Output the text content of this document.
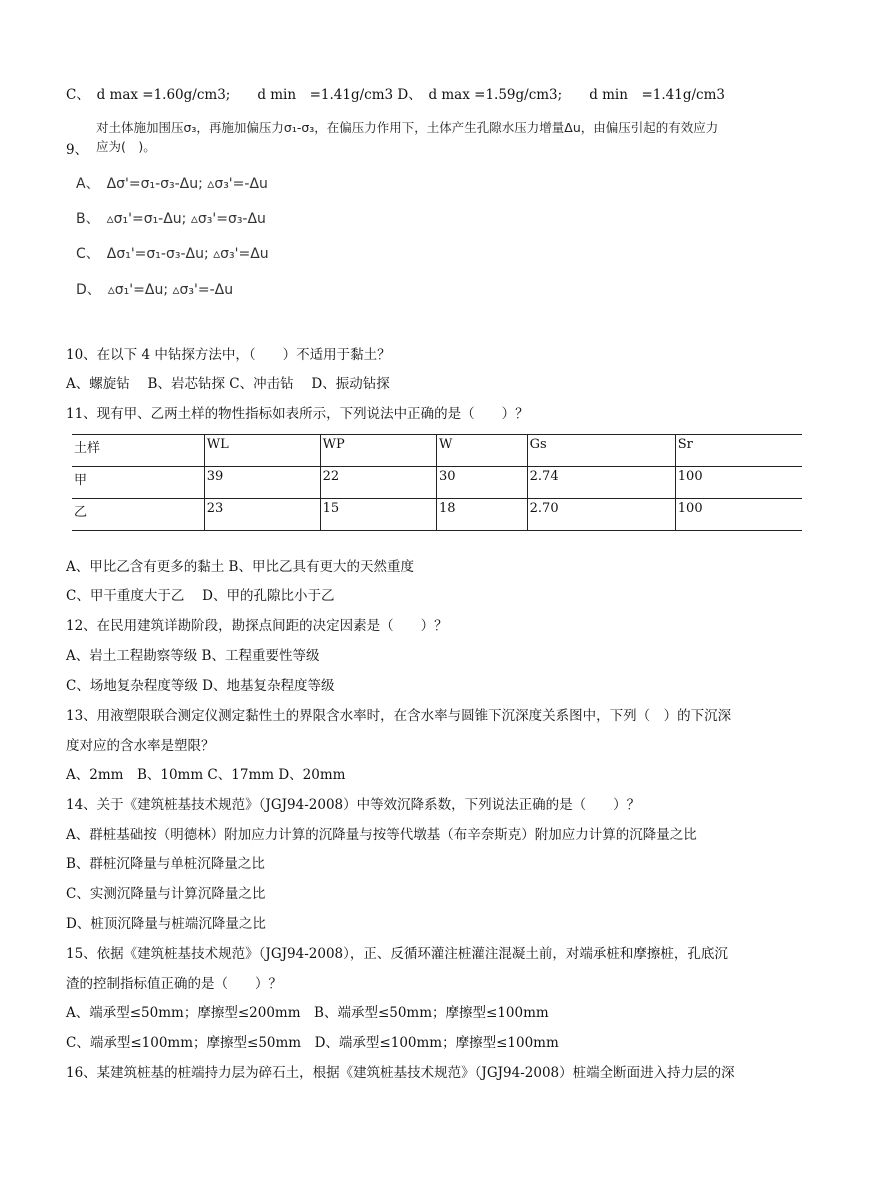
C、　d max =1.60g/cm3;　　d min　=1.41g/cm3 D、　d max =1.59g/cm3;　　d min　=1.41g/cm3
对土体施加围压σ₃，再施加偏压力σ₁-σ₃，在偏压力作用下，土体产生孔隙水压力增量Δu，由偏压引起的有效应力
9、 应为(　)。
A、　Δσ'=σ₁-σ₃-Δu; ▵σ₃'=-Δu
B、　▵σ₁'=σ₁-Δu; ▵σ₃'=σ₃-Δu
C、　Δσ₁'=σ₁-σ₃-Δu; ▵σ₃'=Δu
D、　▵σ₁'=Δu; ▵σ₃'=-Δu
10、在以下 4 中钻探方法中，（　　）不适用于黏土？
A、螺旋钻　 B、岩芯钻探 C、冲击钻　 D、振动钻探
11、现有甲、乙两土样的物性指标如表所示，下列说法中正确的是（　　）？
土样	WL	WP	W	Gs	Sr
甲	39	22	30	2.74	100
乙	23	15	18	2.70	100
A、甲比乙含有更多的黏土 B、甲比乙具有更大的天然重度
C、甲干重度大于乙　 D、甲的孔隙比小于乙
12、在民用建筑详勘阶段，勘探点间距的决定因素是（　　）？
A、岩土工程勘察等级 B、工程重要性等级
C、场地复杂程度等级 D、地基复杂程度等级
13、用液塑限联合测定仪测定黏性土的界限含水率时，在含水率与圆锥下沉深度关系图中，下列（　）的下沉深
度对应的含水率是塑限？
A、2mm　B、10mm C、17mm D、20mm
14、关于《建筑桩基技术规范》（JGJ94-2008）中等效沉降系数，下列说法正确的是（　　）？
A、群桩基础按（明德林）附加应力计算的沉降量与按等代墩基（布辛奈斯克）附加应力计算的沉降量之比
B、群桩沉降量与单桩沉降量之比
C、实测沉降量与计算沉降量之比
D、桩顶沉降量与桩端沉降量之比
15、依据《建筑桩基技术规范》（JGJ94-2008），正、反循环灌注桩灌注混凝土前，对端承桩和摩擦桩，孔底沉
渣的控制指标值正确的是（　　）？
A、端承型≤50mm；摩擦型≤200mm　B、端承型≤50mm；摩擦型≤100mm
C、端承型≤100mm；摩擦型≤50mm　D、端承型≤100mm；摩擦型≤100mm
16、某建筑桩基的桩端持力层为碎石土，根据《建筑桩基技术规范》（JGJ94-2008）桩端全断面进入持力层的深
